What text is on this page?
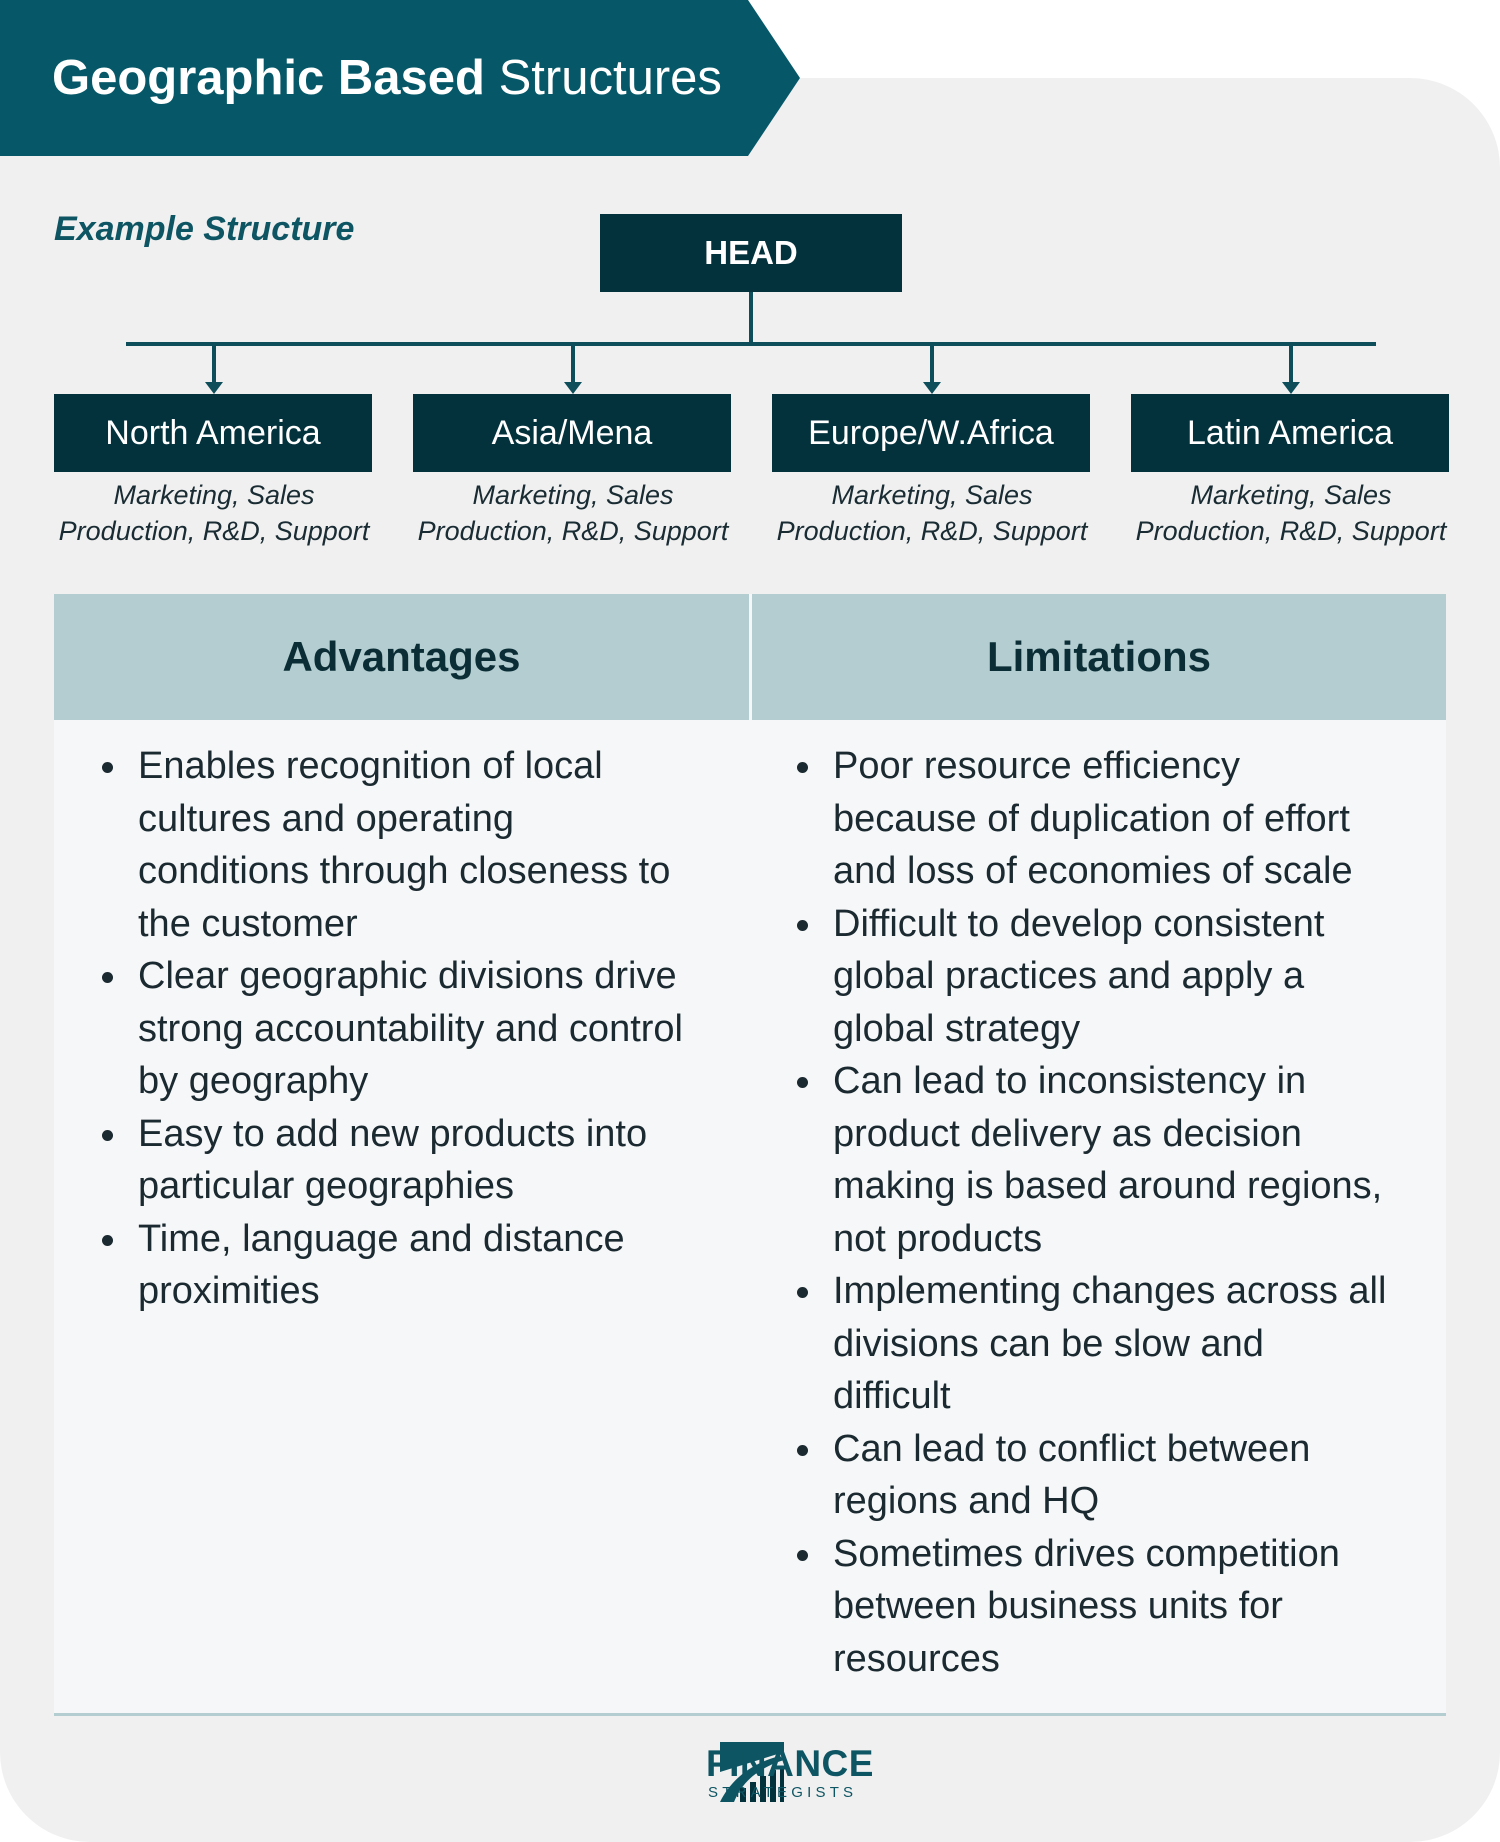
Geographic Based Structures
Example Structure
HEAD
North America
Marketing, Sales
Production, R&D, Support
Asia/Mena
Marketing, Sales
Production, R&D, Support
Europe/W.Africa
Marketing, Sales
Production, R&D, Support
Latin America
Marketing, Sales
Production, R&D, Support
Advantages	Limitations
Enables recognition of local
cultures and operating
conditions through closeness to
the customer
Clear geographic divisions drive
strong accountability and control
by geography
Easy to add new products into
particular geographies
Time, language and distance
proximities
Poor resource efficiency
because of duplication of effort
and loss of economies of scale
Difficult to develop consistent
global practices and apply a
global strategy
Can lead to inconsistency in
product delivery as decision
making is based around regions,
not products
Implementing changes across all
divisions can be slow and
difficult
Can lead to conflict between
regions and HQ
Sometimes drives competition
between business units for
resources
FINANCE
STRATEGISTS
